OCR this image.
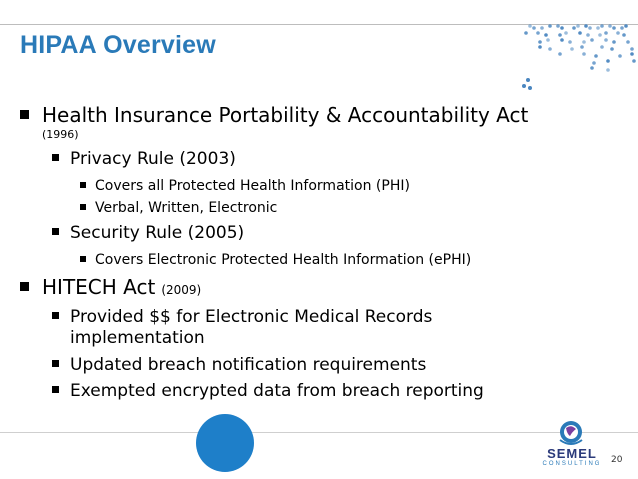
HIPAA Overview
Health Insurance Portability & Accountability Act
(1996)
Privacy Rule (2003)
Covers all Protected Health Information (PHI)
Verbal, Written, Electronic
Security Rule (2005)
Covers Electronic Protected Health Information (ePHI)
HITECH Act (2009)
Provided $$ for Electronic Medical Records
implementation
Updated breach notification requirements
Exempted encrypted data from breach reporting
SEMEL
CONSULTING	20
